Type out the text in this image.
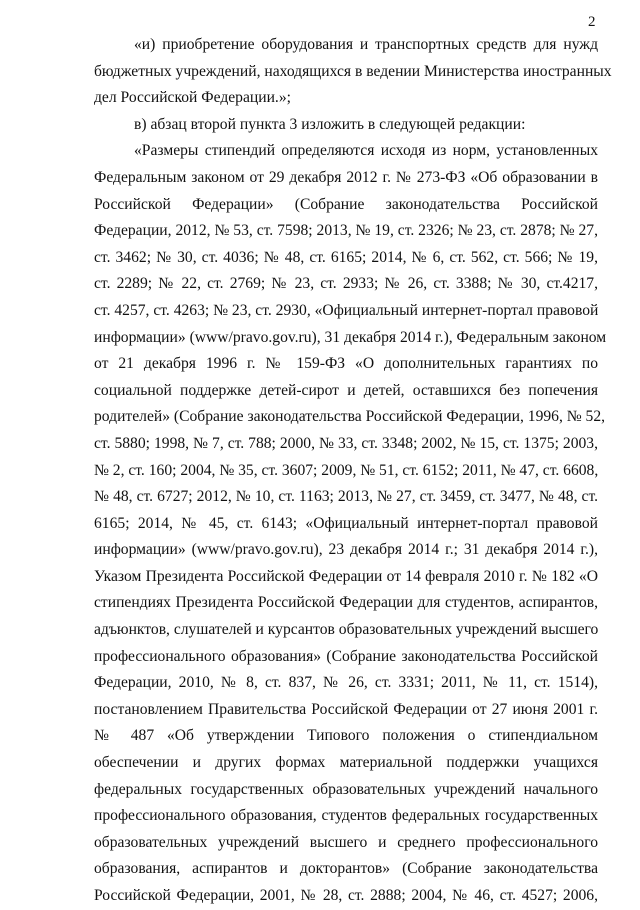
2
«и) приобретение оборудования и транспортных средств для нужд
бюджетных учреждений, находящихся в ведении Министерства иностранных
дел Российской Федерации.»;
в) абзац второй пункта 3 изложить в следующей редакции:
«Размеры стипендий определяются исходя из норм, установленных
Федеральным законом от 29 декабря 2012 г. № 273-ФЗ «Об образовании в
Российской Федерации» (Собрание законодательства Российской
Федерации, 2012, № 53, ст. 7598; 2013, № 19, ст. 2326; № 23, ст. 2878; № 27,
ст. 3462; № 30, ст. 4036; № 48, ст. 6165; 2014, № 6, ст. 562, ст. 566; № 19,
ст. 2289; № 22, ст. 2769; № 23, ст. 2933; № 26, ст. 3388; № 30, ст.4217,
ст. 4257, ст. 4263; № 23, ст. 2930, «Официальный интернет-портал правовой
информации» (www/pravo.gov.ru), 31 декабря 2014 г.), Федеральным законом
от 21 декабря 1996 г. № 159-ФЗ «О дополнительных гарантиях по
социальной поддержке детей-сирот и детей, оставшихся без попечения
родителей» (Собрание законодательства Российской Федерации, 1996, № 52,
ст. 5880; 1998, № 7, ст. 788; 2000, № 33, ст. 3348; 2002, № 15, ст. 1375; 2003,
№ 2, ст. 160; 2004, № 35, ст. 3607; 2009, № 51, ст. 6152; 2011, № 47, ст. 6608,
№ 48, ст. 6727; 2012, № 10, ст. 1163; 2013, № 27, ст. 3459, ст. 3477, № 48, ст.
6165; 2014, № 45, ст. 6143; «Официальный интернет-портал правовой
информации» (www/pravo.gov.ru), 23 декабря 2014 г.; 31 декабря 2014 г.),
Указом Президента Российской Федерации от 14 февраля 2010 г. № 182 «О
стипендиях Президента Российской Федерации для студентов, аспирантов,
адъюнктов, слушателей и курсантов образовательных учреждений высшего
профессионального образования» (Собрание законодательства Российской
Федерации, 2010, № 8, ст. 837, № 26, ст. 3331; 2011, № 11, ст. 1514),
постановлением Правительства Российской Федерации от 27 июня 2001 г.
№ 487 «Об утверждении Типового положения о стипендиальном
обеспечении и других формах материальной поддержки учащихся
федеральных государственных образовательных учреждений начального
профессионального образования, студентов федеральных государственных
образовательных учреждений высшего и среднего профессионального
образования, аспирантов и докторантов» (Собрание законодательства
Российской Федерации, 2001, № 28, ст. 2888; 2004, № 46, ст. 4527; 2006,
